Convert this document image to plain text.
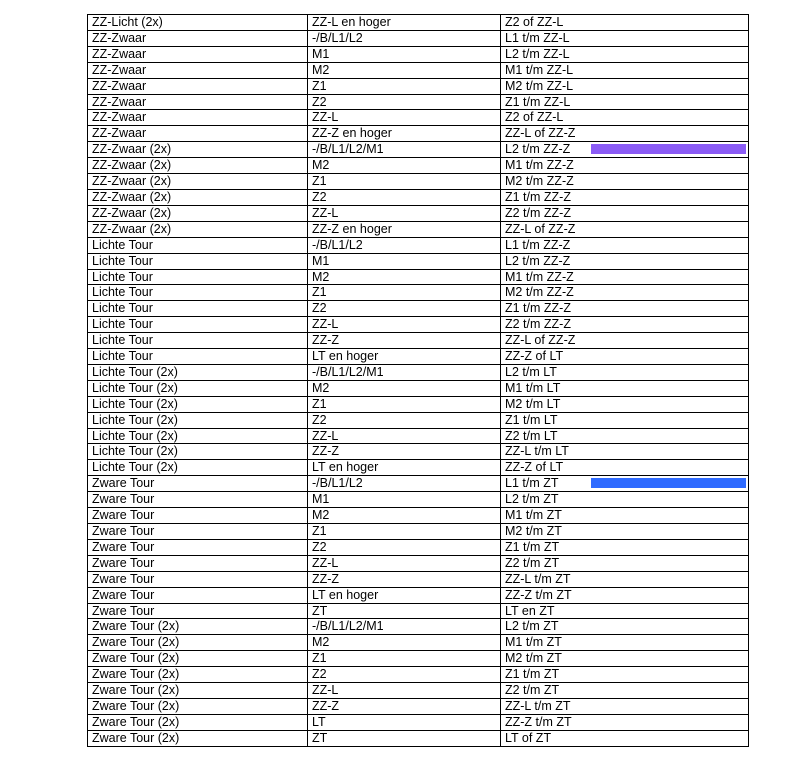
ZZ-Licht (2x)	ZZ-L en hoger	Z2 of ZZ-L

ZZ-Zwaar	-/B/L1/L2	L1 t/m ZZ-L

ZZ-Zwaar	M1	L2 t/m ZZ-L

ZZ-Zwaar	M2	M1 t/m ZZ-L

ZZ-Zwaar	Z1	M2 t/m ZZ-L

ZZ-Zwaar	Z2	Z1 t/m ZZ-L

ZZ-Zwaar	ZZ-L	Z2 of ZZ-L

ZZ-Zwaar	ZZ-Z en hoger	ZZ-L of ZZ-Z

ZZ-Zwaar (2x)	-/B/L1/L2/M1	L2 t/m ZZ-Z

ZZ-Zwaar (2x)	M2	M1 t/m ZZ-Z

ZZ-Zwaar (2x)	Z1	M2 t/m ZZ-Z

ZZ-Zwaar (2x)	Z2	Z1 t/m ZZ-Z

ZZ-Zwaar (2x)	ZZ-L	Z2 t/m ZZ-Z

ZZ-Zwaar (2x)	ZZ-Z en hoger	ZZ-L of ZZ-Z

Lichte Tour	-/B/L1/L2	L1 t/m ZZ-Z

Lichte Tour	M1	L2 t/m ZZ-Z

Lichte Tour	M2	M1 t/m ZZ-Z

Lichte Tour	Z1	M2 t/m ZZ-Z

Lichte Tour	Z2	Z1 t/m ZZ-Z

Lichte Tour	ZZ-L	Z2 t/m ZZ-Z

Lichte Tour	ZZ-Z	ZZ-L of ZZ-Z

Lichte Tour	LT en hoger	ZZ-Z of LT

Lichte Tour (2x)	-/B/L1/L2/M1	L2 t/m LT

Lichte Tour (2x)	M2	M1 t/m LT

Lichte Tour (2x)	Z1	M2 t/m LT

Lichte Tour (2x)	Z2	Z1 t/m LT

Lichte Tour (2x)	ZZ-L	Z2 t/m LT

Lichte Tour (2x)	ZZ-Z	ZZ-L t/m LT

Lichte Tour (2x)	LT en hoger	ZZ-Z of LT

Zware Tour	-/B/L1/L2	L1 t/m ZT

Zware Tour	M1	L2 t/m ZT

Zware Tour	M2	M1 t/m ZT

Zware Tour	Z1	M2 t/m ZT

Zware Tour	Z2	Z1 t/m ZT

Zware Tour	ZZ-L	Z2 t/m ZT

Zware Tour	ZZ-Z	ZZ-L t/m ZT

Zware Tour	LT en hoger	ZZ-Z t/m ZT

Zware Tour	ZT	LT en ZT

Zware Tour (2x)	-/B/L1/L2/M1	L2 t/m ZT

Zware Tour (2x)	M2	M1 t/m ZT

Zware Tour (2x)	Z1	M2 t/m ZT

Zware Tour (2x)	Z2	Z1 t/m ZT

Zware Tour (2x)	ZZ-L	Z2 t/m ZT

Zware Tour (2x)	ZZ-Z	ZZ-L t/m ZT

Zware Tour (2x)	LT	ZZ-Z t/m ZT

Zware Tour (2x)	ZT	LT of ZT
